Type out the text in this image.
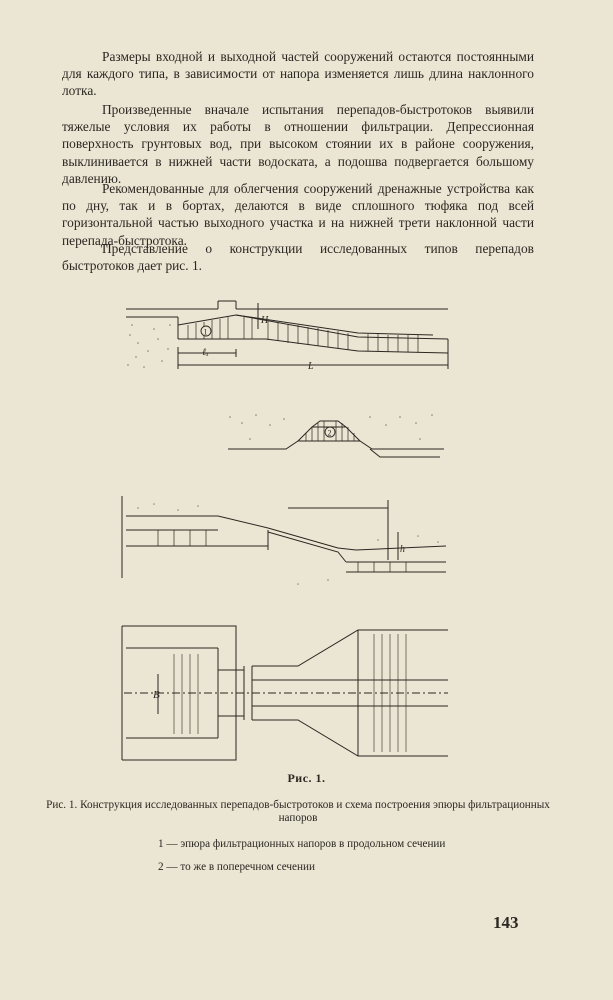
Размеры входной и выходной частей сооружений остаются постоянными для каждого типа, в зависимости от напора изменяется лишь длина наклонного лотка.

Произведенные вначале испытания перепадов-быстротоков выявили тяжелые условия их работы в отношении фильтрации. Депрессионная поверхность грунтовых вод, при высоком стоянии их в районе сооружения, выклинивается в нижней части водоската, а подошва подвергается большому давлению.

Рекомендованные для облегчения сооружений дренажные устройства как по дну, так и в бортах, делаются в виде сплошного тюфяка под всей горизонтальной частью выходного участка и на нижней трети наклонной части перепада-быстротока.

Представление о конструкции исследованных типов перепадов быстротоков дает рис. 1.

1
H
ℓₓ
L
2
h
B
Рис. 1.
Рис. 1. Конструкция исследованных перепадов-быстротоков и схема построения эпюры фильтрационных напоров
1 — эпюра фильтрационных напоров в продольном сечении
2 — то же в поперечном сечении
143
